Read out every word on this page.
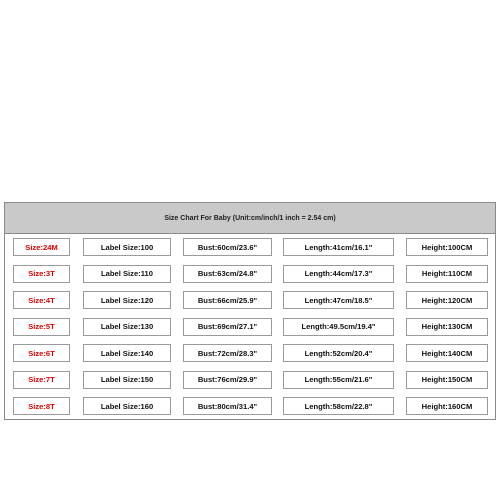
Size Chart For Baby (Unit:cm/inch/1 inch = 2.54 cm)
Size:24M	Label Size:100	Bust:60cm/23.6"	Length:41cm/16.1"	Height:100CM
Size:3T	Label Size:110	Bust:63cm/24.8"	Length:44cm/17.3"	Height:110CM
Size:4T	Label Size:120	Bust:66cm/25.9"	Length:47cm/18.5"	Height:120CM
Size:5T	Label Size:130	Bust:69cm/27.1"	Length:49.5cm/19.4"	Height:130CM
Size:6T	Label Size:140	Bust:72cm/28.3"	Length:52cm/20.4"	Height:140CM
Size:7T	Label Size:150	Bust:76cm/29.9"	Length:55cm/21.6"	Height:150CM
Size:8T	Label Size:160	Bust:80cm/31.4"	Length:58cm/22.8"	Height:160CM
